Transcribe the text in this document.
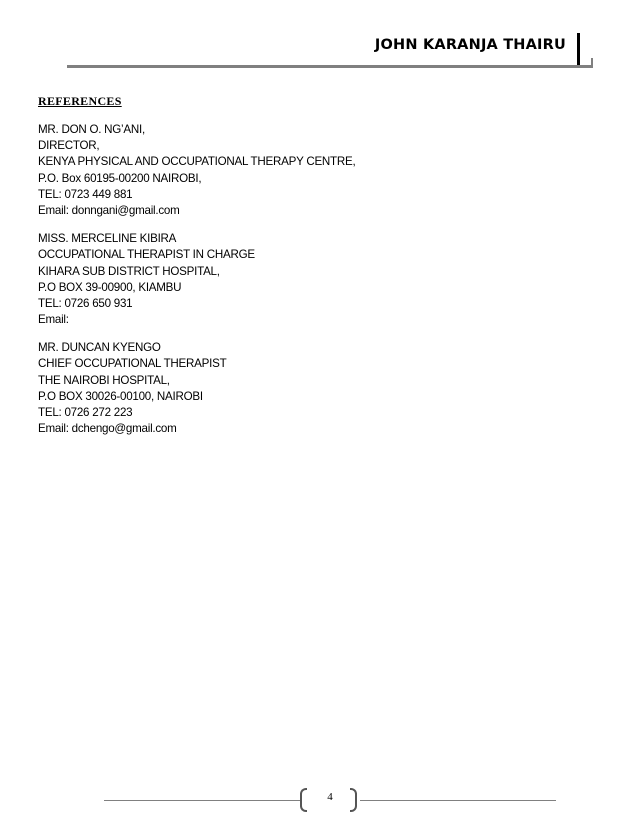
JOHN KARANJA THAIRU
REFERENCES
MR. DON O. NG’ANI,
DIRECTOR,
KENYA PHYSICAL AND OCCUPATIONAL THERAPY CENTRE,
P.O. Box 60195-00200 NAIROBI,
TEL: 0723 449 881
Email: donngani@gmail.com
MISS. MERCELINE KIBIRA
OCCUPATIONAL THERAPIST IN CHARGE
KIHARA SUB DISTRICT HOSPITAL,
P.O BOX 39-00900, KIAMBU
TEL: 0726 650 931
Email:
MR. DUNCAN KYENGO
CHIEF OCCUPATIONAL THERAPIST
THE NAIROBI HOSPITAL,
P.O BOX 30026-00100, NAIROBI
TEL: 0726 272 223
Email: dchengo@gmail.com
4
